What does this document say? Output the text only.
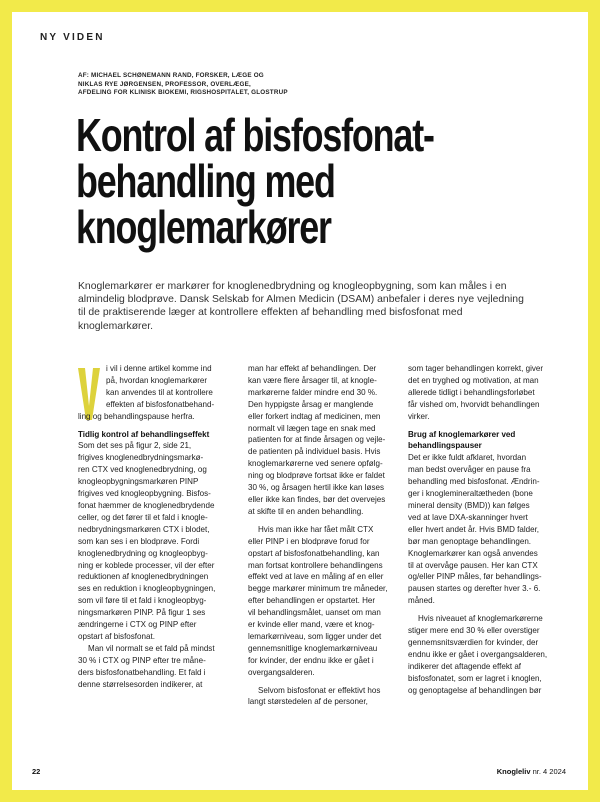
NY VIDEN
AF: MICHAEL SCHØNEMANN RAND, FORSKER, LÆGE OG
NIKLAS RYE JØRGENSEN, PROFESSOR, OVERLÆGE,
AFDELING FOR KLINISK BIOKEMI, RIGSHOSPITALET, GLOSTRUP
Kontrol af bisfosfonat-
behandling med
knoglemarkører

Knoglemarkører er markører for knoglenedbrydning og knogleopbygning, som kan måles i en almindelig blodprøve. Dansk Selskab for Almen Medicin (DSAM) anbefaler i deres nye vejledning til de praktiserende læger at kontrollere effekten af behandling med bisfosfonat med knoglemarkører.

i vil i denne artikel komme ind
på, hvordan knoglemarkører
kan anvendes til at kontrollere
effekten af bisfosfonatbehand-
ling og behandlingspause herfra.
Tidlig kontrol af behandlingseffekt
Som det ses på figur 2, side 21,
frigives knoglenedbrydningsmarkø-
ren CTX ved knoglenedbrydning, og
knogleopbygningsmarkøren PINP
frigives ved knogleopbygning. Bisfos-
fonat hæmmer de knoglenedbrydende
celler, og det fører til et fald i knogle-
nedbrydningsmarkøren CTX i blodet,
som kan ses i en blodprøve. Fordi
knoglenedbrydning og knogleopbyg-
ning er koblede processer, vil der efter
reduktionen af knoglenedbrydningen
ses en reduktion i knogleopbygningen,
som vil føre til et fald i knogleopbyg-
ningsmarkøren PINP. På figur 1 ses
ændringerne i CTX og PINP efter
opstart af bisfosfonat.
Man vil normalt se et fald på mindst
30 % i CTX og PINP efter tre måne-
ders bisfosfonatbehandling. Et fald i
denne størrelsesorden indikerer, at
man har effekt af behandlingen. Der
kan være flere årsager til, at knogle-
markørerne falder mindre end 30 %.
Den hyppigste årsag er manglende
eller forkert indtag af medicinen, men
normalt vil lægen tage en snak med
patienten for at finde årsagen og vejle-
de patienten på individuel basis. Hvis
knoglemarkørerne ved senere opfølg-
ning og blodprøve fortsat ikke er faldet
30 %, og årsagen hertil ikke kan løses
eller ikke kan findes, bør det overvejes
at skifte til en anden behandling.
Hvis man ikke har fået målt CTX
eller PINP i en blodprøve forud for
opstart af bisfosfonatbehandling, kan
man fortsat kontrollere behandlingens
effekt ved at lave en måling af en eller
begge markører minimum tre måneder,
efter behandlingen er opstartet. Her
vil behandlingsmålet, uanset om man
er kvinde eller mand, være et knog-
lemarkørniveau, som ligger under det
gennemsnitlige knoglemarkørniveau
for kvinder, der endnu ikke er gået i
overgangsalderen.
Selvom bisfosfonat er effektivt hos
langt størstedelen af de personer,
som tager behandlingen korrekt, giver
det en tryghed og motivation, at man
allerede tidligt i behandlingsforløbet
får vished om, hvorvidt behandlingen
virker.
Brug af knoglemarkører ved
behandlingspauser
Det er ikke fuldt afklaret, hvordan
man bedst overvåger en pause fra
behandling med bisfosfonat. Ændrin-
ger i knoglemineraltætheden (bone
mineral density (BMD)) kan følges
ved at lave DXA-skanninger hvert
eller hvert andet år. Hvis BMD falder,
bør man genoptage behandlingen.
Knoglemarkører kan også anvendes
til at overvåge pausen. Her kan CTX
og/eller PINP måles, før behandlings-
pausen startes og derefter hver 3.- 6.
måned.
Hvis niveauet af knoglemarkørerne
stiger mere end 30 % eller overstiger
gennemsnitsværdien for kvinder, der
endnu ikke er gået i overgangsalderen,
indikerer det aftagende effekt af
bisfosfonatet, som er lagret i knoglen,
og genoptagelse af behandlingen bør
22	Knogleliv nr. 4 2024
